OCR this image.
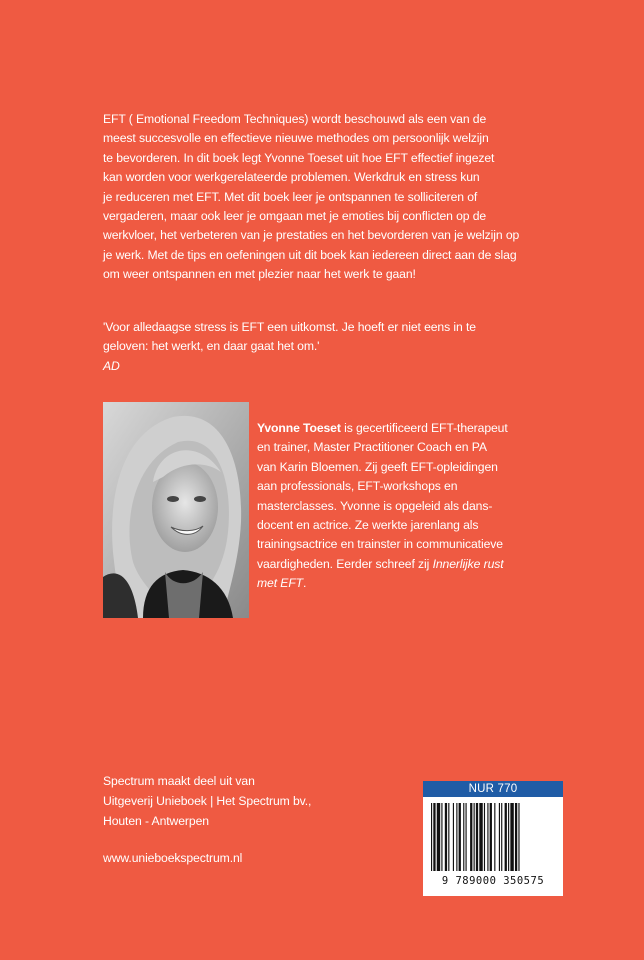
EFT ( Emotional Freedom Techniques) wordt beschouwd als een van de

meest succesvolle en effectieve nieuwe methodes om persoonlijk welzijn

te bevorderen. In dit boek legt Yvonne Toeset uit hoe EFT effectief ingezet

kan worden voor werkgerelateerde problemen. Werkdruk en stress kun

je reduceren met EFT. Met dit boek leer je ontspannen te solliciteren of

vergaderen, maar ook leer je omgaan met je emoties bij conflicten op de

werkvloer, het verbeteren van je prestaties en het bevorderen van je welzijn op

je werk. Met de tips en oefeningen uit dit boek kan iedereen direct aan de slag

om weer ontspannen en met plezier naar het werk te gaan!

'Voor alledaagse stress is EFT een uitkomst. Je hoeft er niet eens in te
geloven: het werkt, en daar gaat het om.'
AD
Yvonne Toeset is gecertificeerd EFT-therapeut
en trainer, Master Practitioner Coach en PA
van Karin Bloemen. Zij geeft EFT-opleidingen
aan professionals, EFT-workshops en
masterclasses. Yvonne is opgeleid als dans-
docent en actrice. Ze werkte jarenlang als
trainingsactrice en trainster in communicatieve
vaardigheden. Eerder schreef zij Innerlijke rust
met EFT.
Spectrum maakt deel uit van
Uitgeverij Unieboek | Het Spectrum bv.,
Houten - Antwerpen
www.unieboekspectrum.nl
NUR 770
9 789000 350575
